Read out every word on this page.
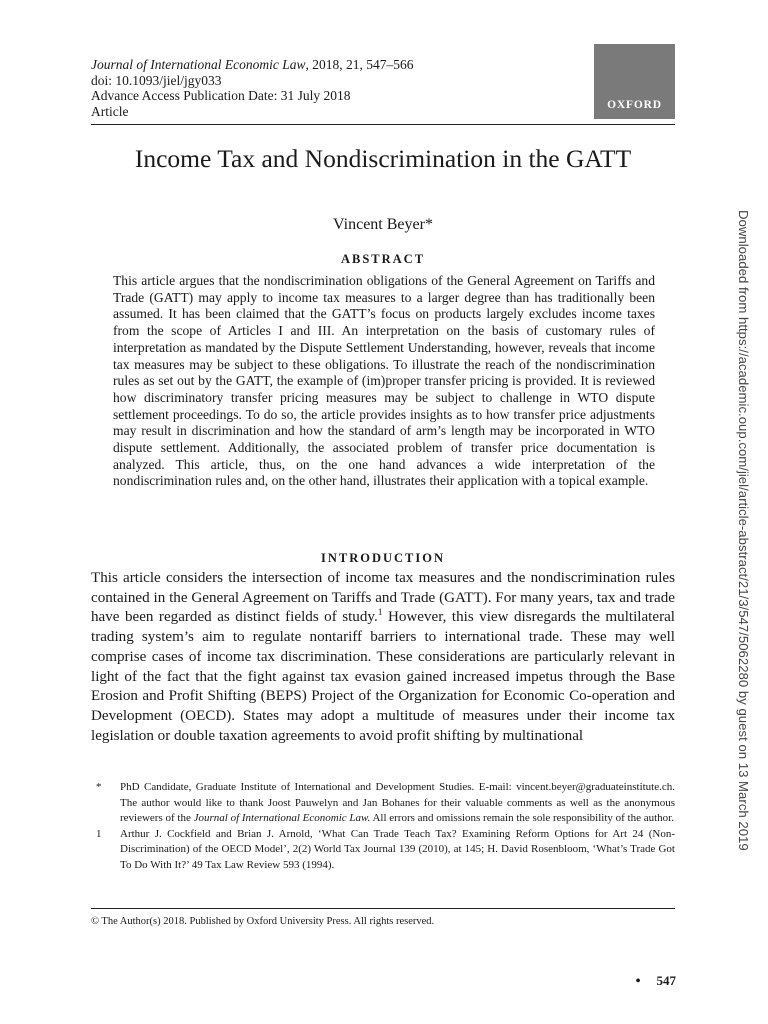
Journal of International Economic Law, 2018, 21, 547–566
doi: 10.1093/jiel/jgy033
Advance Access Publication Date: 31 July 2018
Article	OXFORD
Income Tax and Nondiscrimination in the GATT
Vincent Beyer*
ABSTRACT

This article argues that the nondiscrimination obligations of the General Agreement on Tariffs and Trade (GATT) may apply to income tax measures to a larger degree than has traditionally been assumed. It has been claimed that the GATT’s focus on products largely excludes income taxes from the scope of Articles I and III. An interpretation on the basis of customary rules of interpretation as mandated by the Dispute Settlement Understanding, however, reveals that income tax measures may be subject to these obligations. To illustrate the reach of the nondiscrimination rules as set out by the GATT, the example of (im)proper transfer pricing is provided. It is reviewed how discriminatory transfer pricing measures may be subject to challenge in WTO dispute settlement proceedings. To do so, the article provides insights as to how transfer price adjustments may result in discrimination and how the standard of arm’s length may be incorporated in WTO dispute settlement. Additionally, the associated problem of transfer price documentation is analyzed. This article, thus, on the one hand advances a wide interpretation of the nondiscrimination rules and, on the other hand, illustrates their application with a topical example.

INTRODUCTION

This article considers the intersection of income tax measures and the nondiscrimination rules contained in the General Agreement on Tariffs and Trade (GATT). For many years, tax and trade have been regarded as distinct fields of study.$^1$ However, this view disregards the multilateral trading system’s aim to regulate nontariff barriers to international trade. These may well comprise cases of income tax discrimination. These considerations are particularly relevant in light of the fact that the fight against tax evasion gained increased impetus through the Base Erosion and Profit Shifting (BEPS) Project of the Organization for Economic Co-operation and Development (OECD). States may adopt a multitude of measures under their income tax legislation or double taxation agreements to avoid profit shifting by multinational

* PhD Candidate, Graduate Institute of International and Development Studies. E-mail: vincent.beyer@graduateinstitute.ch. The author would like to thank Joost Pauwelyn and Jan Bohanes for their valuable comments as well as the anonymous reviewers of the Journal of International Economic Law. All errors and omissions remain the sole responsibility of the author.
1 Arthur J. Cockfield and Brian J. Arnold, ‘What Can Trade Teach Tax? Examining Reform Options for Art 24 (Non-Discrimination) of the OECD Model’, 2(2) World Tax Journal 139 (2010), at 145; H. David Rosenbloom, ‘What’s Trade Got To Do With It?’ 49 Tax Law Review 593 (1994).
© The Author(s) 2018. Published by Oxford University Press. All rights reserved.
• 547
Downloaded from https://academic.oup.com/jiel/article-abstract/21/3/547/5062280 by guest on 13 March 2019
